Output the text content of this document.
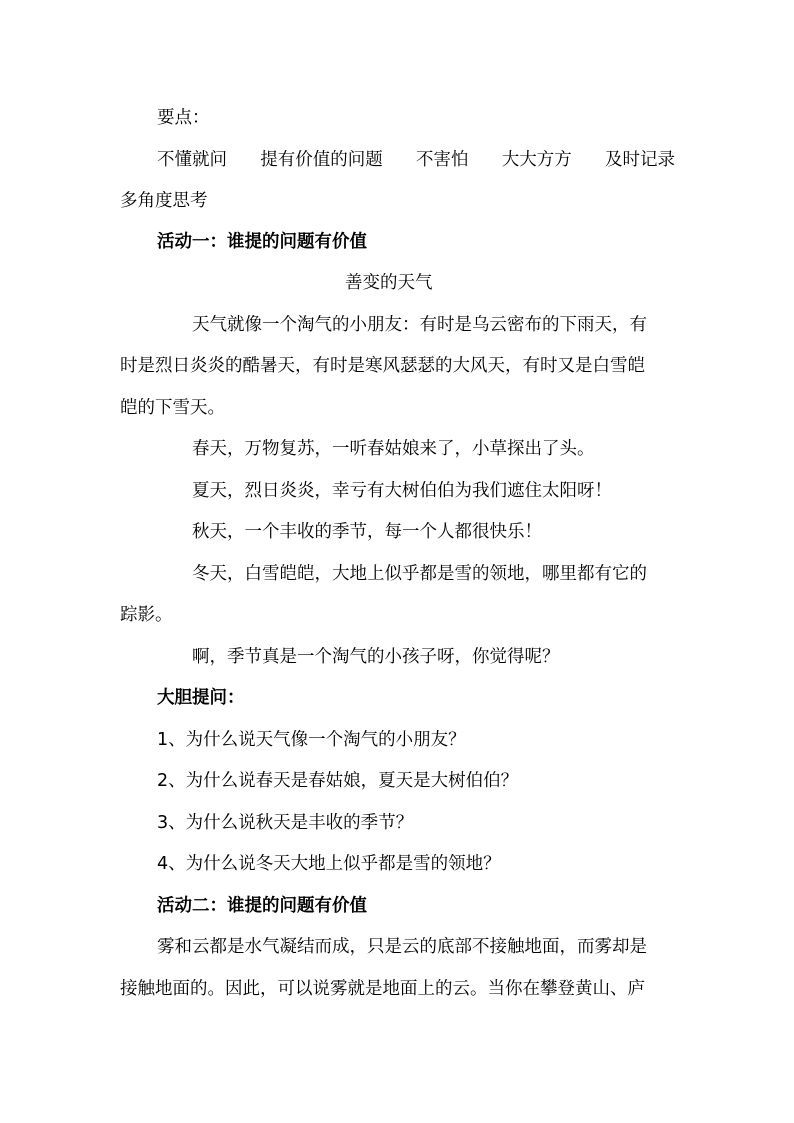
要点：
不懂就问 提有价值的问题 不害怕 大大方方 及时记录
多角度思考
活动一：谁提的问题有价值
善变的天气
天气就像一个淘气的小朋友：有时是乌云密布的下雨天，有
时是烈日炎炎的酷暑天，有时是寒风瑟瑟的大风天，有时又是白雪皑
皑的下雪天。
春天，万物复苏，一听春姑娘来了，小草探出了头。
夏天，烈日炎炎，幸亏有大树伯伯为我们遮住太阳呀！
秋天，一个丰收的季节，每一个人都很快乐！
冬天，白雪皑皑，大地上似乎都是雪的领地，哪里都有它的
踪影。
啊，季节真是一个淘气的小孩子呀，你觉得呢？
大胆提问：
1、为什么说天气像一个淘气的小朋友？
2、为什么说春天是春姑娘，夏天是大树伯伯？
3、为什么说秋天是丰收的季节？
4、为什么说冬天大地上似乎都是雪的领地？
活动二：谁提的问题有价值
雾和云都是水气凝结而成，只是云的底部不接触地面，而雾却是
接触地面的。因此，可以说雾就是地面上的云。当你在攀登黄山、庐
